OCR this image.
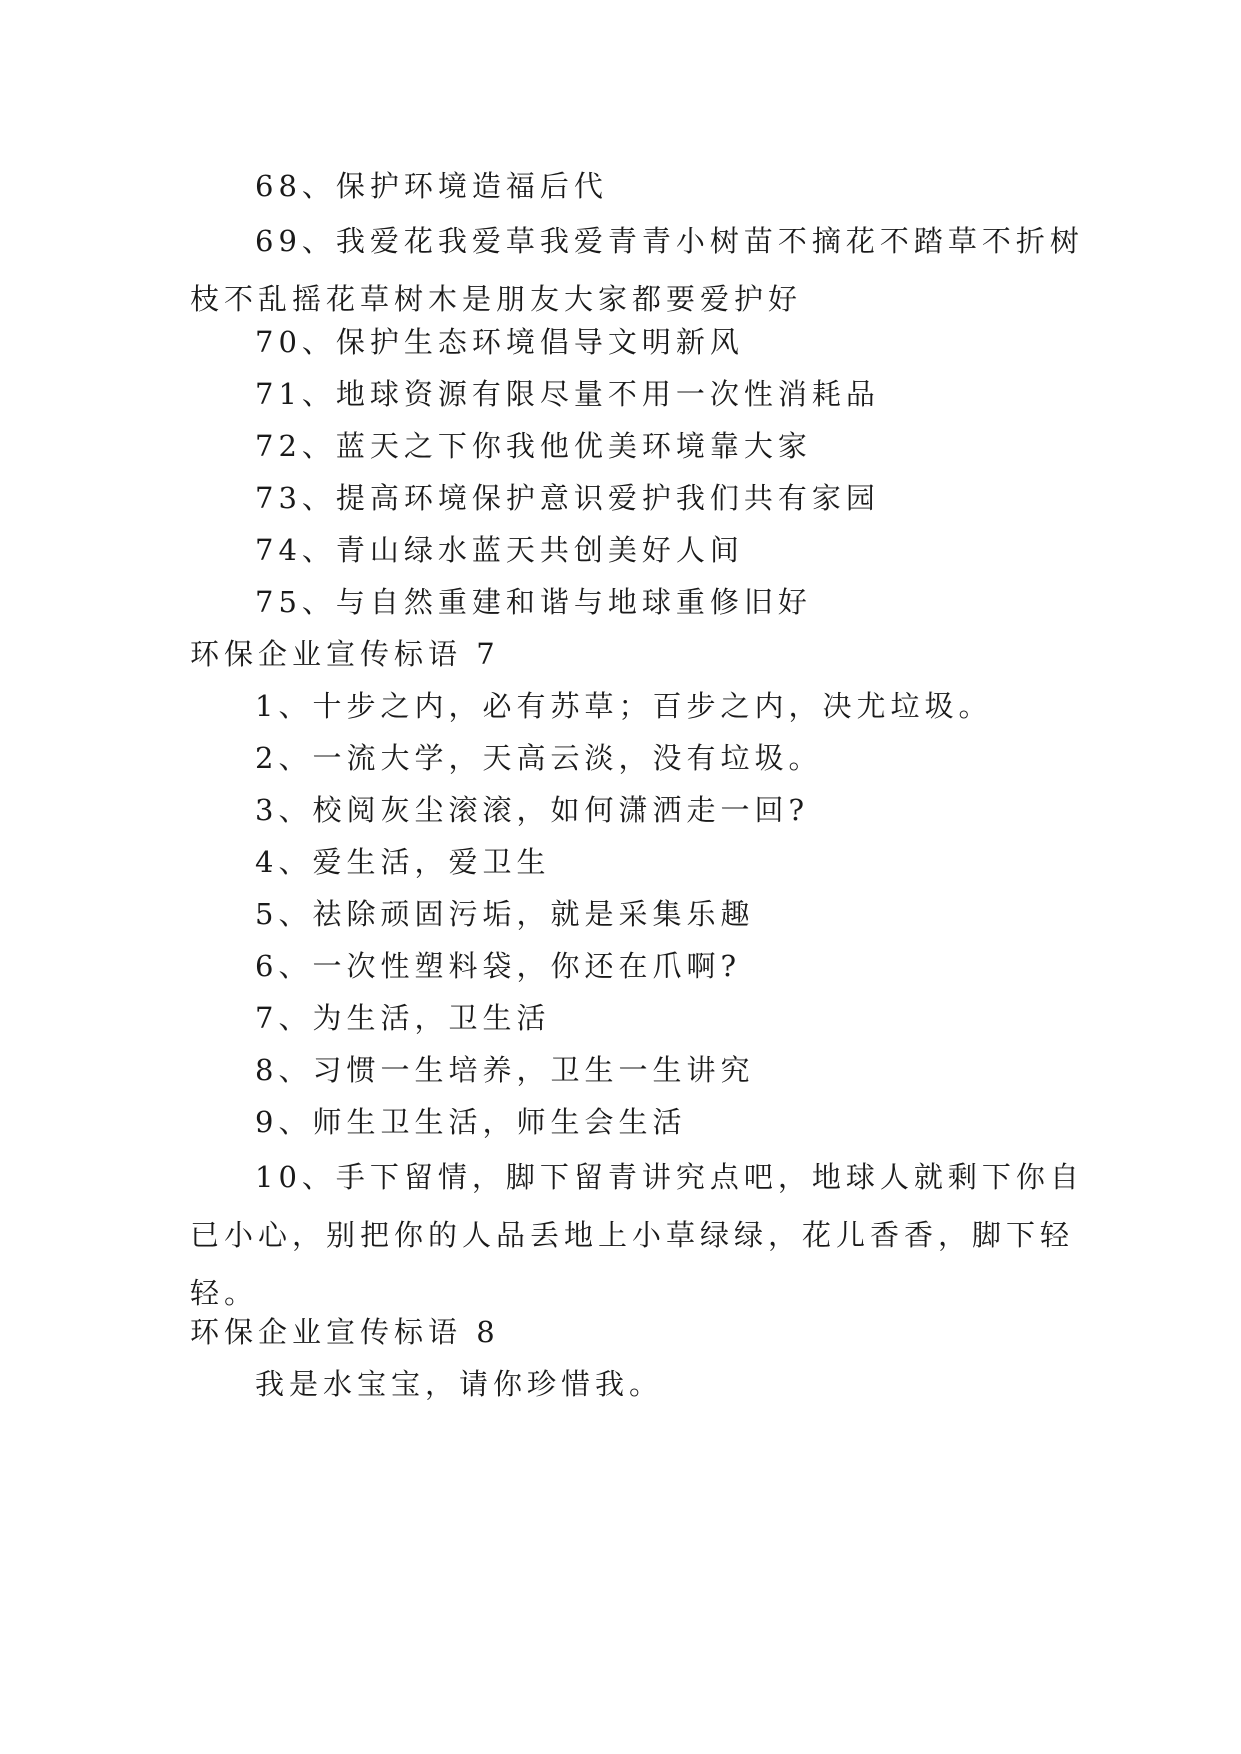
68、保护环境造福后代
69、我爱花我爱草我爱青青小树苗不摘花不踏草不折树
枝不乱摇花草树木是朋友大家都要爱护好
70、保护生态环境倡导文明新风
71、地球资源有限尽量不用一次性消耗品
72、蓝天之下你我他优美环境靠大家
73、提高环境保护意识爱护我们共有家园
74、青山绿水蓝天共创美好人间
75、与自然重建和谐与地球重修旧好
环保企业宣传标语 7
1、十步之内，必有苏草；百步之内，决尤垃圾。
2、一流大学，天高云淡，没有垃圾。
3、校阅灰尘滚滚，如何潇洒走一回?
4、爱生活，爱卫生
5、祛除顽固污垢，就是采集乐趣
6、一次性塑料袋，你还在爪啊?
7、为生活，卫生活
8、习惯一生培养，卫生一生讲究
9、师生卫生活，师生会生活
10、手下留情，脚下留青讲究点吧，地球人就剩下你自
已小心，别把你的人品丢地上小草绿绿，花儿香香，脚下轻
轻。
环保企业宣传标语 8
我是水宝宝，请你珍惜我。
